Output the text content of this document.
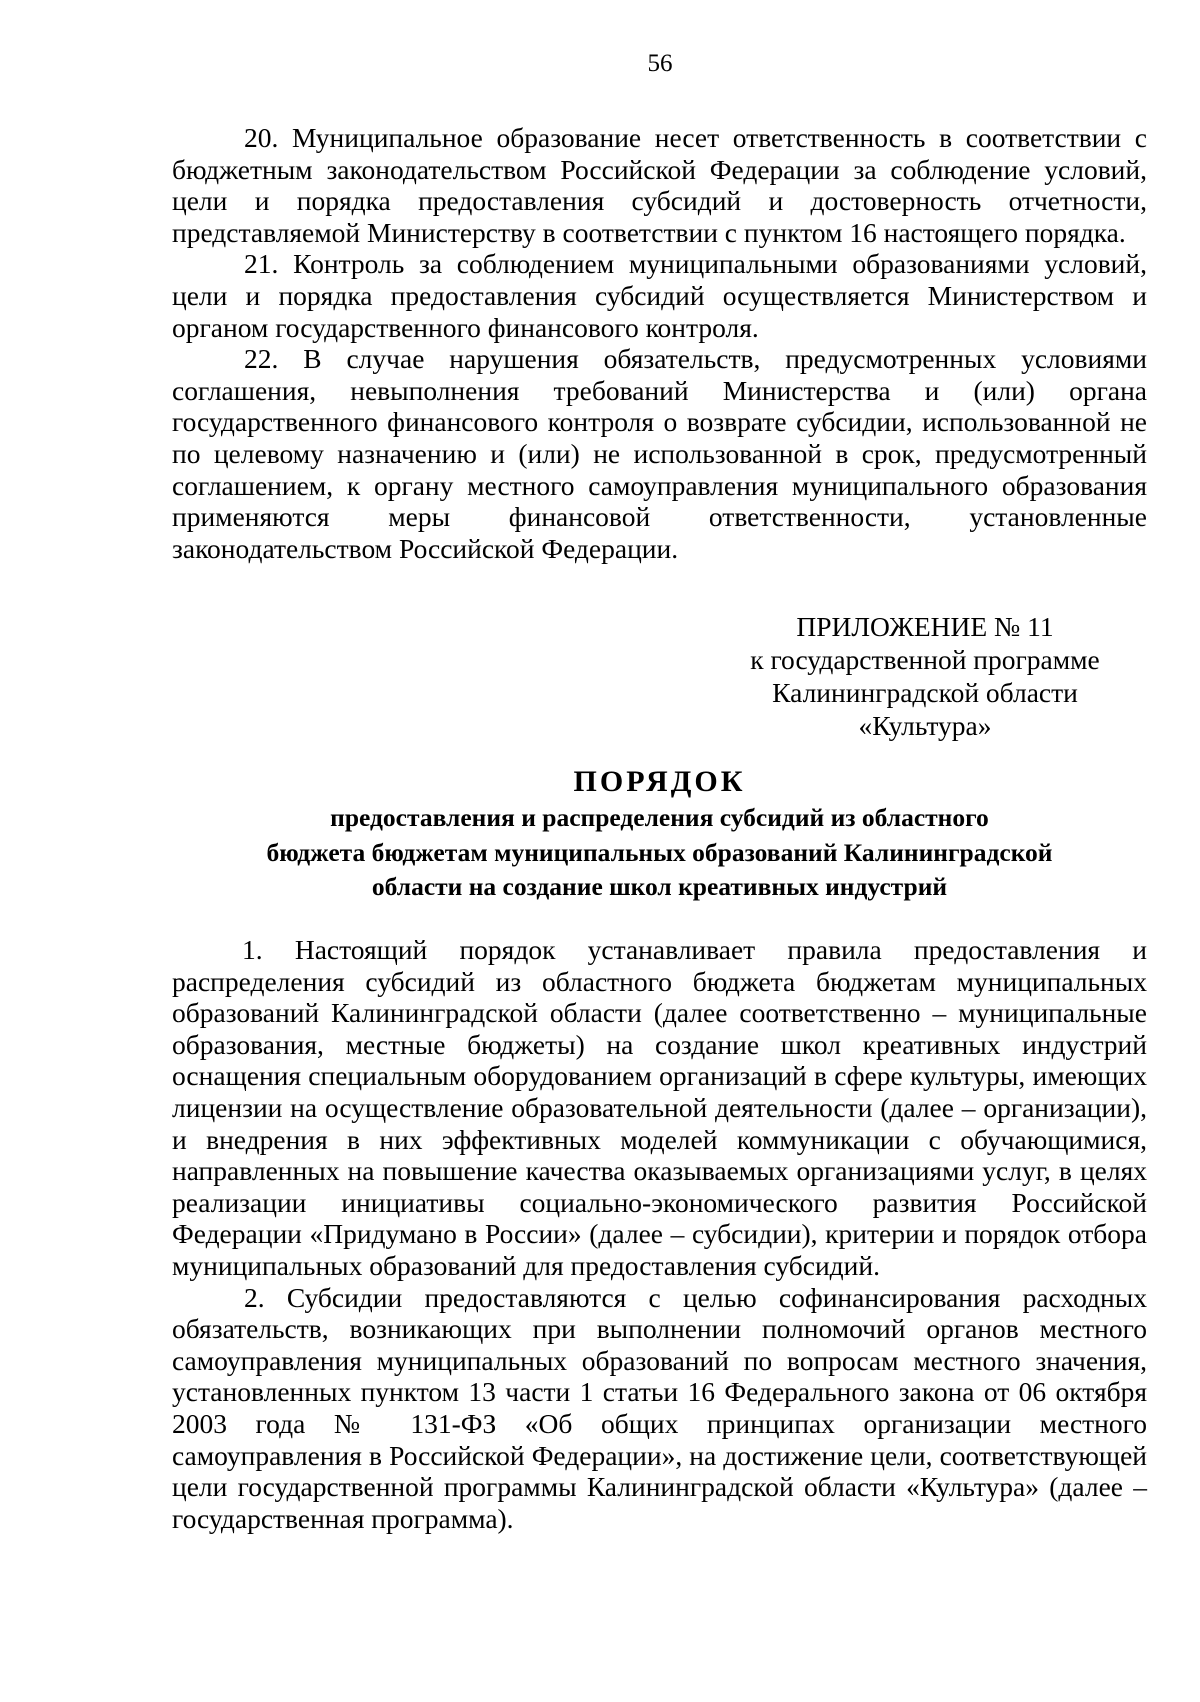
56

20. Муниципальное образование несет ответственность в соответствии с бюджетным законодательством Российской Федерации за соблюдение условий, цели и порядка предоставления субсидий и достоверность отчетности, представляемой Министерству в соответствии с пунктом 16 настоящего порядка.

21. Контроль за соблюдением муниципальными образованиями условий, цели и порядка предоставления субсидий осуществляется Министерством и органом государственного финансового контроля.

22. В случае нарушения обязательств, предусмотренных условиями соглашения, невыполнения требований Министерства и (или) органа государственного финансового контроля о возврате субсидии, использованной не по целевому назначению и (или) не использованной в срок, предусмотренный соглашением, к органу местного самоуправления муниципального образования применяются меры финансовой ответственности, установленные законодательством Российской Федерации.

ПРИЛОЖЕНИЕ № 11
к государственной программе
Калининградской области
«Культура»
ПОРЯДОК
предоставления и распределения субсидий из областного
бюджета бюджетам муниципальных образований Калининградской
области на создание школ креативных индустрий

1. Настоящий порядок устанавливает правила предоставления и распределения субсидий из областного бюджета бюджетам муниципальных образований Калининградской области (далее соответственно – муниципальные образования, местные бюджеты) на создание школ креативных индустрий оснащения специальным оборудованием организаций в сфере культуры, имеющих лицензии на осуществление образовательной деятельности (далее – организации), и внедрения в них эффективных моделей коммуникации с обучающимися, направленных на повышение качества оказываемых организациями услуг, в целях реализации инициативы социально-экономического развития Российской Федерации «Придумано в России» (далее – субсидии), критерии и порядок отбора муниципальных образований для предоставления субсидий.

2. Субсидии предоставляются с целью софинансирования расходных обязательств, возникающих при выполнении полномочий органов местного самоуправления муниципальных образований по вопросам местного значения, установленных пунктом 13 части 1 статьи 16 Федерального закона от 06 октября 2003 года № 131-ФЗ «Об общих принципах организации местного самоуправления в Российской Федерации», на достижение цели, соответствующей цели государственной программы Калининградской области «Культура» (далее – государственная программа).
